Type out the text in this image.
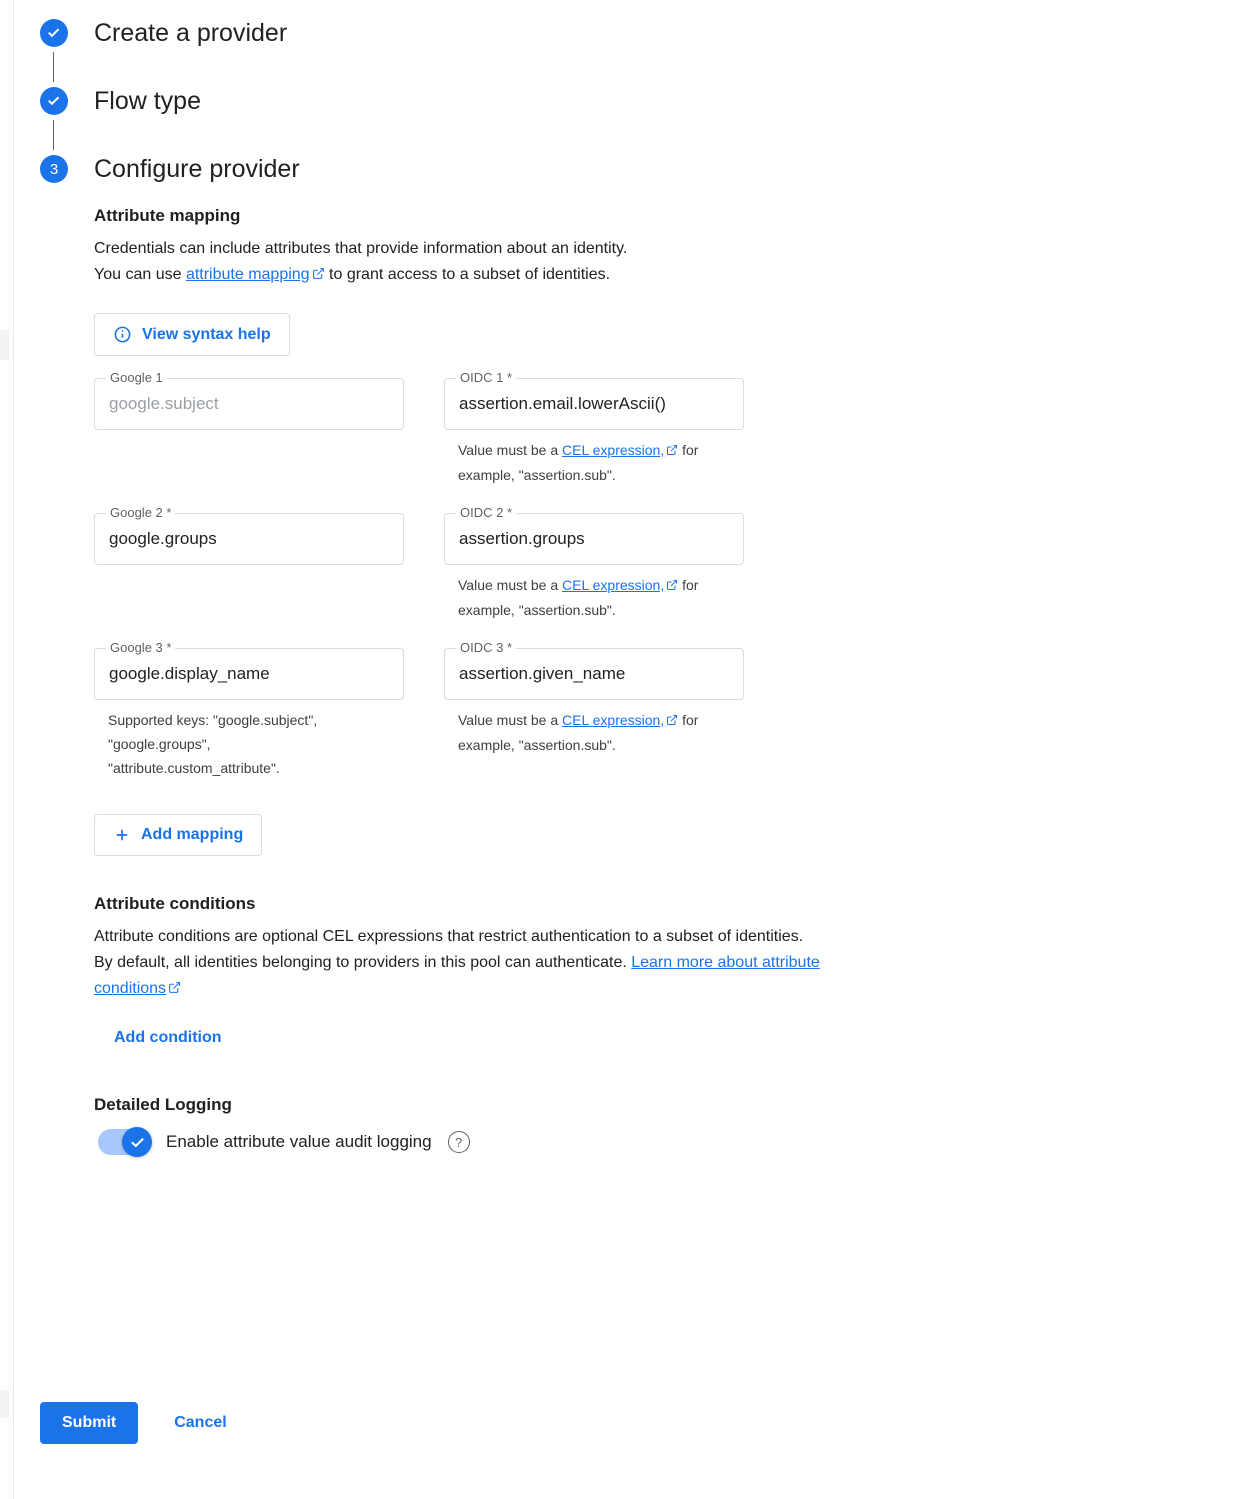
Create a provider
Flow type
3	Configure provider
Attribute mapping
Credentials can include attributes that provide information about an identity.
You can use attribute mapping to grant access to a subset of identities.
View syntax help
Google 1
google.subject
OIDC 1 *
assertion.email.lowerAscii()
Value must be a CEL expression, for example, "assertion.sub".
Google 2 *
google.groups
OIDC 2 *
assertion.groups
Value must be a CEL expression, for example, "assertion.sub".
Google 3 *
google.display_name
Supported keys: "google.subject", "google.groups", "attribute.custom_attribute".
OIDC 3 *
assertion.given_name
Value must be a CEL expression, for example, "assertion.sub".
Add mapping
Attribute conditions
Attribute conditions are optional CEL expressions that restrict authentication to a subset of identities. By default, all identities belonging to providers in this pool can authenticate. Learn more about attribute conditions
Add condition
Detailed Logging
Enable attribute value audit logging	?
Submit	Cancel
